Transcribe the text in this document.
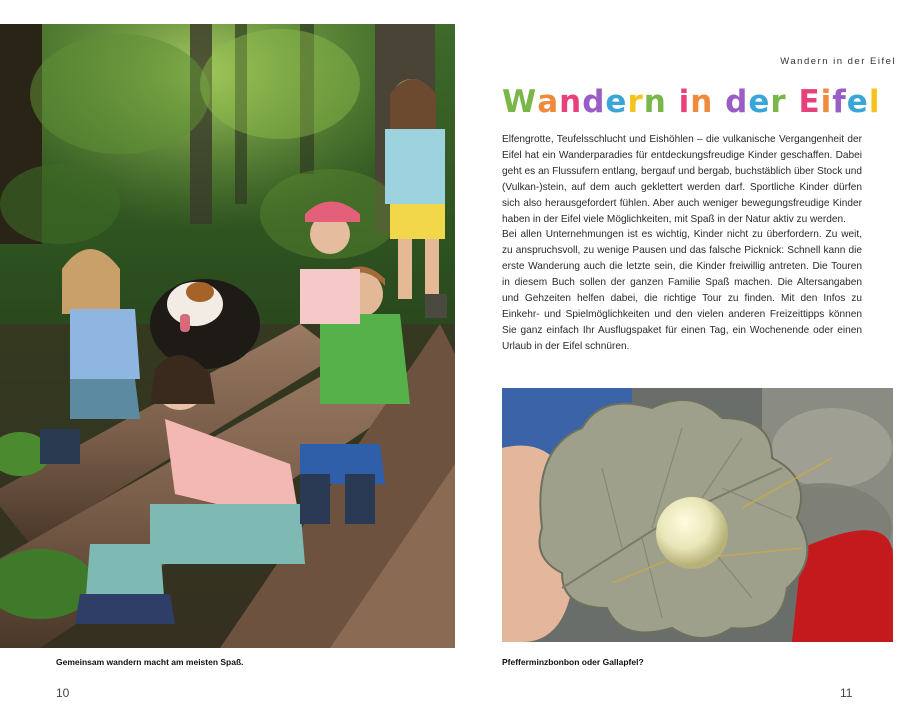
Gemeinsam wandern macht am meisten Spaß.
10
Wandern in der Eifel
Wandern in der Eifel

Elfengrotte, Teufelsschlucht und Eishöhlen – die vulkanische Vergangenheit der Eifel hat ein Wanderparadies für entdeckungsfreudige Kinder geschaffen. Dabei geht es an Flussufern entlang, bergauf und bergab, buchstäblich über Stock und (Vulkan-)stein, auf dem auch geklettert werden darf. Sportliche Kinder dürfen sich also herausgefordert fühlen. Aber auch weniger bewegungsfreudige Kinder haben in der Eifel viele Möglichkeiten, mit Spaß in der Natur aktiv zu werden.

Bei allen Unternehmungen ist es wichtig, Kinder nicht zu überfordern. Zu weit, zu anspruchsvoll, zu wenige Pausen und das falsche Picknick: Schnell kann die erste Wanderung auch die letzte sein, die Kinder freiwillig antreten. Die Touren in diesem Buch sollen der ganzen Familie Spaß machen. Die Altersangaben und Gehzeiten helfen dabei, die richtige Tour zu finden. Mit den Infos zu Einkehr- und Spielmöglichkeiten und den vielen anderen Freizeittipps können Sie ganz einfach Ihr Ausflugspaket für einen Tag, ein Wochenende oder einen Urlaub in der Eifel schnüren.

Pfefferminzbonbon oder Gallapfel?
11
